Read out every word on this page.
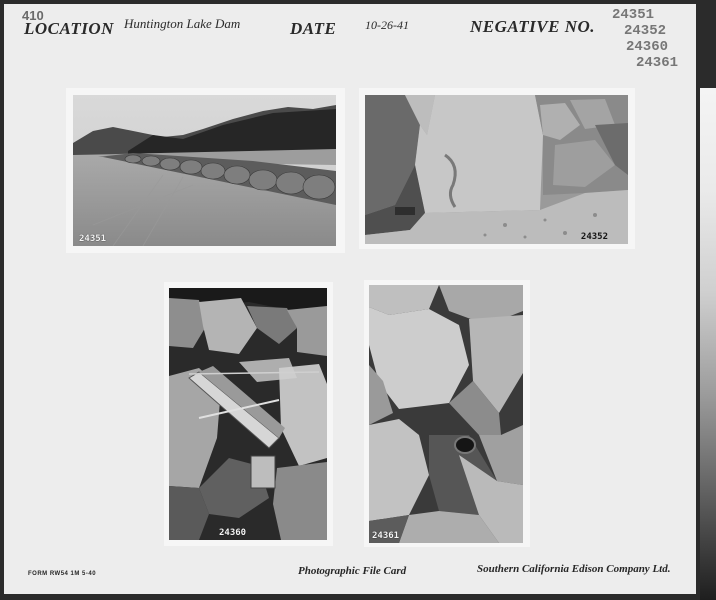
410
LOCATION Huntington Lake Dam	DATE 10-26-41	NEGATIVE NO.
24351
24352
24360
24361
24351	24352
24360	24361
FORM RW54 1M 5-40	Photographic File Card	Southern California Edison Company Ltd.
